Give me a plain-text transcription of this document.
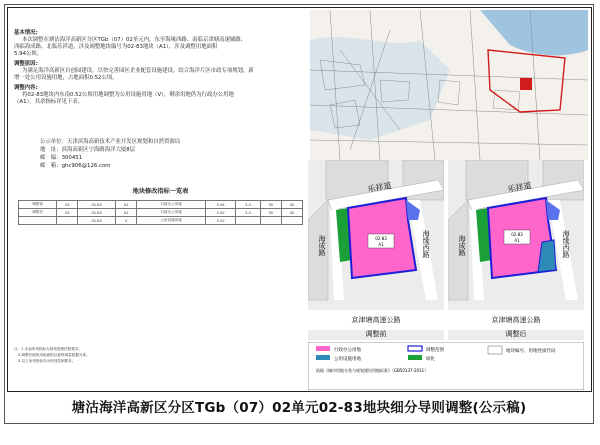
基本情况:
本次调整在塘沽海洋高新区分区TGb（07）02单元内，东至海缘西路、南临京津塘高速辅路、
西临海成路、北临乐祥道，涉及调整地块编号为02-83地块（A1），涉及调整用地面积
5.94公顷。
调整原因:
为满足海洋高新区自创园建设，尽快完善园区企业配套设施建设，结合海洋片区市政专项规划，新
增一处公用设施用地，占地面积0.52公顷。
调整内容:
将02-83地块内东南0.52公顷用地调整为公用设施用地（V），剩余用地仍为行政办公用地
（A1），其余指标详见下表。
公示单位：天津滨海高新技术产业开发区规划和自然资源局
地　址：滨海高新区宁海路海洋大厦8层
邮　编：300451
邮　箱：ghc906@126.com
地块修改指标一览表
调整前	02	02-83	A1	行政办公用地	5.94	2.0	35	45
调整后	02	02-83	A1	行政办公用地	5.42	2.0	35	45
		02-83	V	公用设施用地	0.52			
注：1.本表所列指标为规划管理控制要求。
2.调整后地块用地面积以最终测量数据为准。
3.以上所列指标均为规划控制要求。
02-83
A1
乐祥道
海成路	海缘西路
京津塘高速公路
调整前
02-83
A1
乐祥道
海成路	海缘西路
京津塘高速公路
调整后
行政办公用地
公用设施用地
调整范围
绿化
地块编号、用地性质代码
依据《城市用地分类与规划建设用地标准》（GB50137-2011）
塘沽海洋高新区分区TGb（07）02单元02-83地块细分导则调整(公示稿)
